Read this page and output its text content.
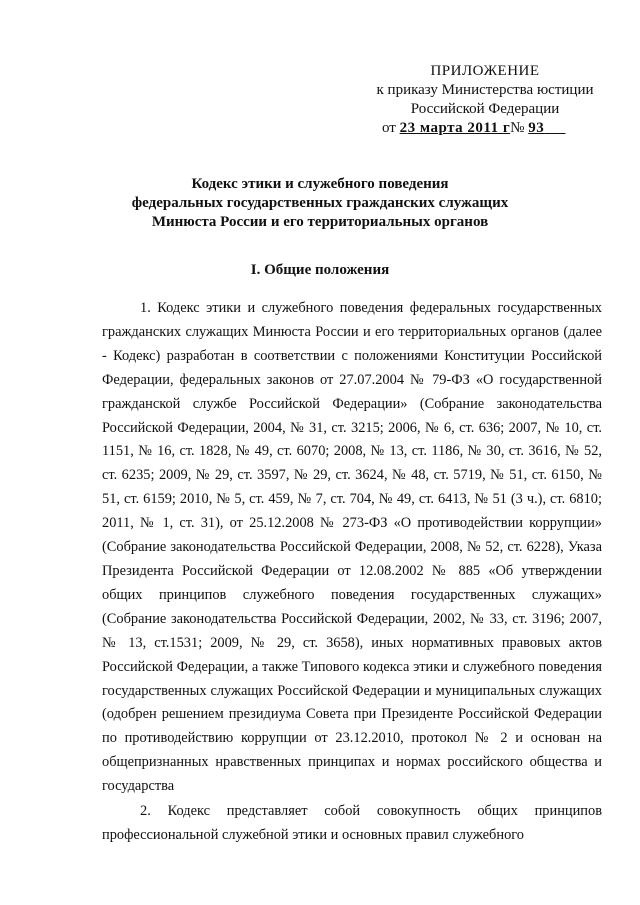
ПРИЛОЖЕНИЕ
к приказу Министерства юстиции
Российской Федерации
от 23 марта 2011 г№ 93
Кодекс этики и служебного поведения
федеральных государственных гражданских служащих
Минюста России и его территориальных органов
I. Общие положения

1. Кодекс этики и служебного поведения федеральных государственных гражданских служащих Минюста России и его территориальных органов (далее - Кодекс) разработан в соответствии с положениями Конституции Российской Федерации, федеральных законов от 27.07.2004 № 79-ФЗ «О государственной гражданской службе Российской Федерации» (Собрание законодательства Российской Федерации, 2004, № 31, ст. 3215; 2006, № 6, ст. 636; 2007, № 10, ст. 1151, № 16, ст. 1828, № 49, ст. 6070; 2008, № 13, ст. 1186, № 30, ст. 3616, № 52, ст. 6235; 2009, № 29, ст. 3597, № 29, ст. 3624, № 48, ст. 5719, № 51, ст. 6150, № 51, ст. 6159; 2010, № 5, ст. 459, № 7, ст. 704, № 49, ст. 6413, № 51 (3 ч.), ст. 6810; 2011, № 1, ст. 31), от 25.12.2008 № 273-ФЗ «О противодействии коррупции» (Собрание законодательства Российской Федерации, 2008, № 52, ст. 6228), Указа Президента Российской Федерации от 12.08.2002 № 885 «Об утверждении общих принципов служебного поведения государственных служащих» (Собрание законодательства Российской Федерации, 2002, № 33, ст. 3196; 2007, № 13, ст.1531; 2009, № 29, ст. 3658), иных нормативных правовых актов Российской Федерации, а также Типового кодекса этики и служебного поведения государственных служащих Российской Федерации и муниципальных служащих (одобрен решением президиума Совета при Президенте Российской Федерации по противодействию коррупции от 23.12.2010, протокол № 2 и основан на общепризнанных нравственных принципах и нормах российского общества и государства

2. Кодекс представляет собой совокупность общих принципов профессиональной служебной этики и основных правил служебного
